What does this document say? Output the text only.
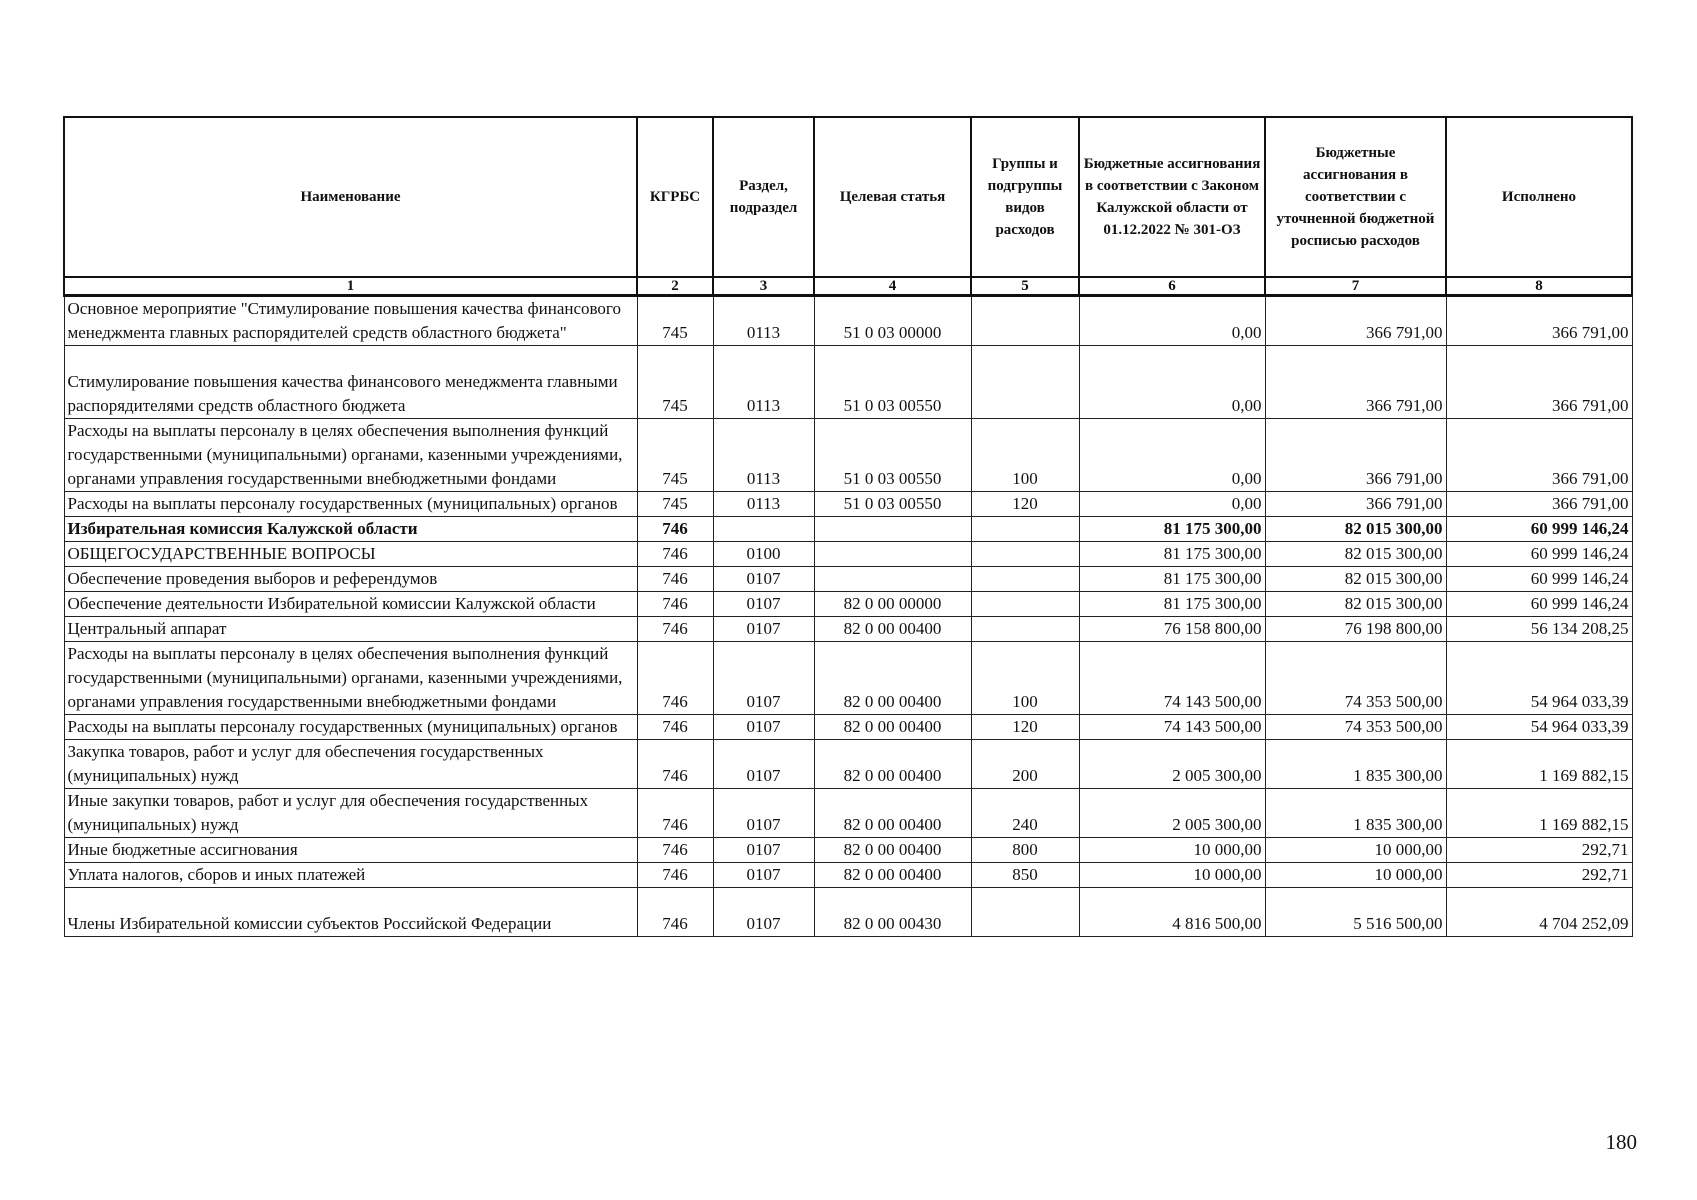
Наименование	КГРБС	Раздел, подраздел	Целевая статья	Группы и подгруппы видов расходов	Бюджетные ассигнования в соответствии с Законом Калужской области от 01.12.2022 № 301-ОЗ	Бюджетные ассигнования в соответствии с уточненной бюджетной росписью расходов	Исполнено
1	2	3	4	5	6	7	8
Основное мероприятие "Стимулирование повышения качества финансового менеджмента главных распорядителей средств областного бюджета"	745	0113	51 0 03 00000		0,00	366 791,00	366 791,00
Стимулирование повышения качества финансового менеджмента главными распорядителями средств областного бюджета	745	0113	51 0 03 00550		0,00	366 791,00	366 791,00
Расходы на выплаты персоналу в целях обеспечения выполнения функций государственными (муниципальными) органами, казенными учреждениями, органами управления государственными внебюджетными фондами	745	0113	51 0 03 00550	100	0,00	366 791,00	366 791,00
Расходы на выплаты персоналу государственных (муниципальных) органов	745	0113	51 0 03 00550	120	0,00	366 791,00	366 791,00
Избирательная комиссия Калужской области	746				81 175 300,00	82 015 300,00	60 999 146,24
ОБЩЕГОСУДАРСТВЕННЫЕ ВОПРОСЫ	746	0100			81 175 300,00	82 015 300,00	60 999 146,24
Обеспечение проведения выборов и референдумов	746	0107			81 175 300,00	82 015 300,00	60 999 146,24
Обеспечение деятельности Избирательной комиссии Калужской области	746	0107	82 0 00 00000		81 175 300,00	82 015 300,00	60 999 146,24
Центральный аппарат	746	0107	82 0 00 00400		76 158 800,00	76 198 800,00	56 134 208,25
Расходы на выплаты персоналу в целях обеспечения выполнения функций государственными (муниципальными) органами, казенными учреждениями, органами управления государственными внебюджетными фондами	746	0107	82 0 00 00400	100	74 143 500,00	74 353 500,00	54 964 033,39
Расходы на выплаты персоналу государственных (муниципальных) органов	746	0107	82 0 00 00400	120	74 143 500,00	74 353 500,00	54 964 033,39
Закупка товаров, работ и услуг для обеспечения государственных (муниципальных) нужд	746	0107	82 0 00 00400	200	2 005 300,00	1 835 300,00	1 169 882,15
Иные закупки товаров, работ и услуг для обеспечения государственных (муниципальных) нужд	746	0107	82 0 00 00400	240	2 005 300,00	1 835 300,00	1 169 882,15
Иные бюджетные ассигнования	746	0107	82 0 00 00400	800	10 000,00	10 000,00	292,71
Уплата налогов, сборов и иных платежей	746	0107	82 0 00 00400	850	10 000,00	10 000,00	292,71
Члены Избирательной комиссии субъектов Российской Федерации	746	0107	82 0 00 00430		4 816 500,00	5 516 500,00	4 704 252,09
180
